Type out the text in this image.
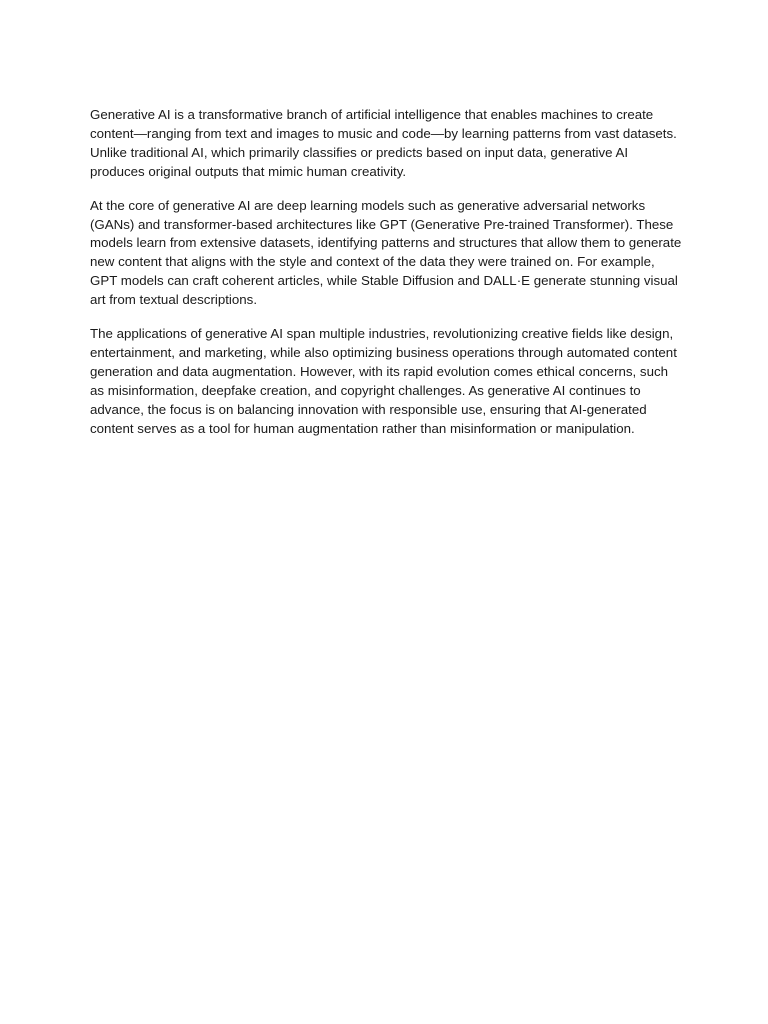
Generative AI is a transformative branch of artificial intelligence that enables machines to create content—ranging from text and images to music and code—by learning patterns from vast datasets. Unlike traditional AI, which primarily classifies or predicts based on input data, generative AI produces original outputs that mimic human creativity.

At the core of generative AI are deep learning models such as generative adversarial networks (GANs) and transformer-based architectures like GPT (Generative Pre-trained Transformer). These models learn from extensive datasets, identifying patterns and structures that allow them to generate new content that aligns with the style and context of the data they were trained on. For example, GPT models can craft coherent articles, while Stable Diffusion and DALL·E generate stunning visual art from textual descriptions.

The applications of generative AI span multiple industries, revolutionizing creative fields like design, entertainment, and marketing, while also optimizing business operations through automated content generation and data augmentation. However, with its rapid evolution comes ethical concerns, such as misinformation, deepfake creation, and copyright challenges. As generative AI continues to advance, the focus is on balancing innovation with responsible use, ensuring that AI-generated content serves as a tool for human augmentation rather than misinformation or manipulation.
